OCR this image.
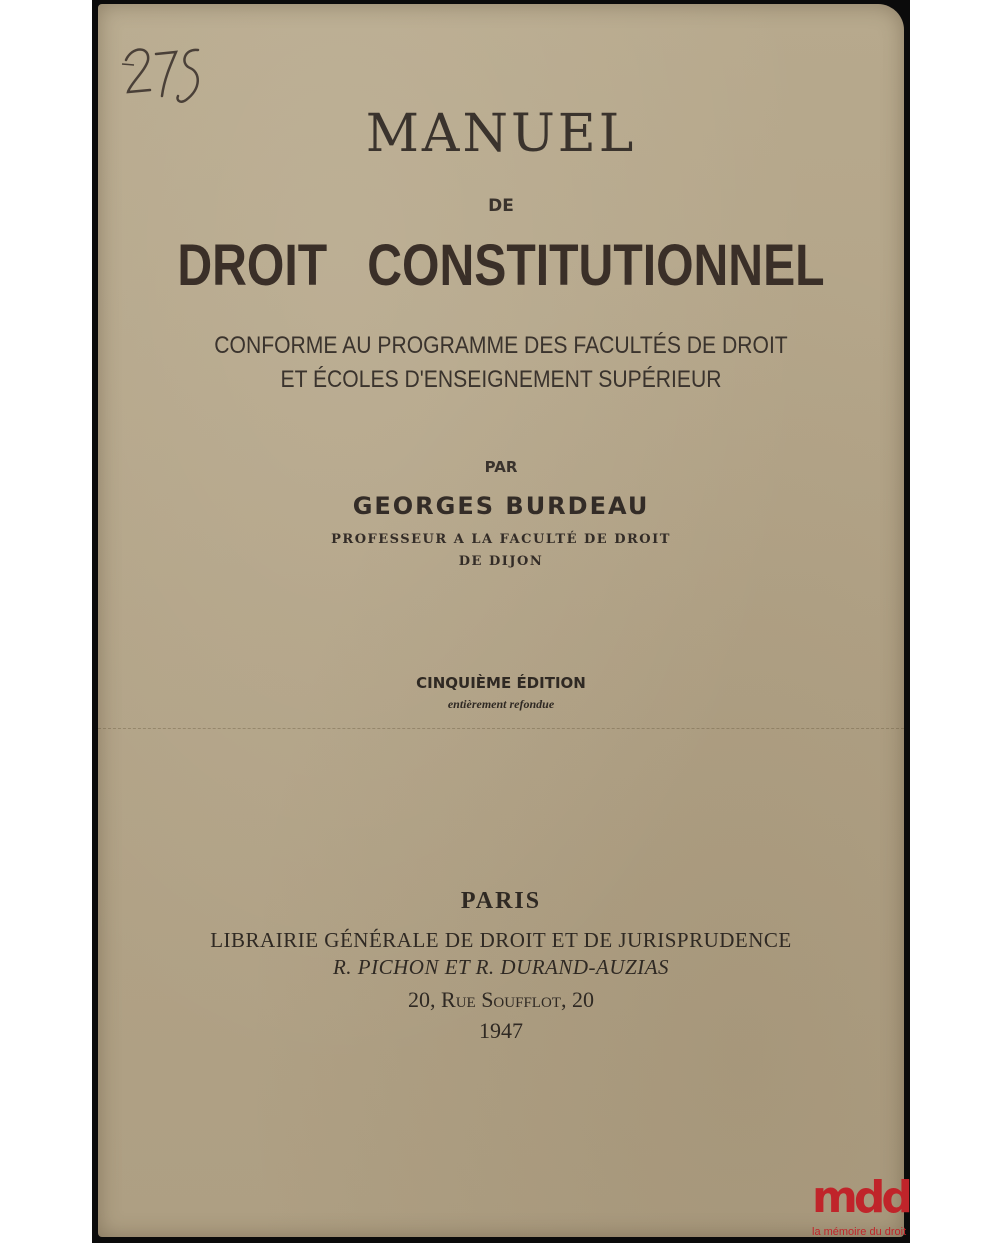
MANUEL
DE
DROIT   CONSTITUTIONNEL
CONFORME AU PROGRAMME DES FACULTÉS DE DROIT
ET ÉCOLES D'ENSEIGNEMENT SUPÉRIEUR
PAR
GEORGES BURDEAU
PROFESSEUR A LA FACULTÉ DE DROIT
DE DIJON
CINQUIÈME ÉDITION
entièrement refondue
PARIS
LIBRAIRIE GÉNÉRALE DE DROIT ET DE JURISPRUDENCE
R. PICHON ET R. DURAND-AUZIAS
20, Rue Soufflot, 20
1947
mdd
la mémoire du droit
